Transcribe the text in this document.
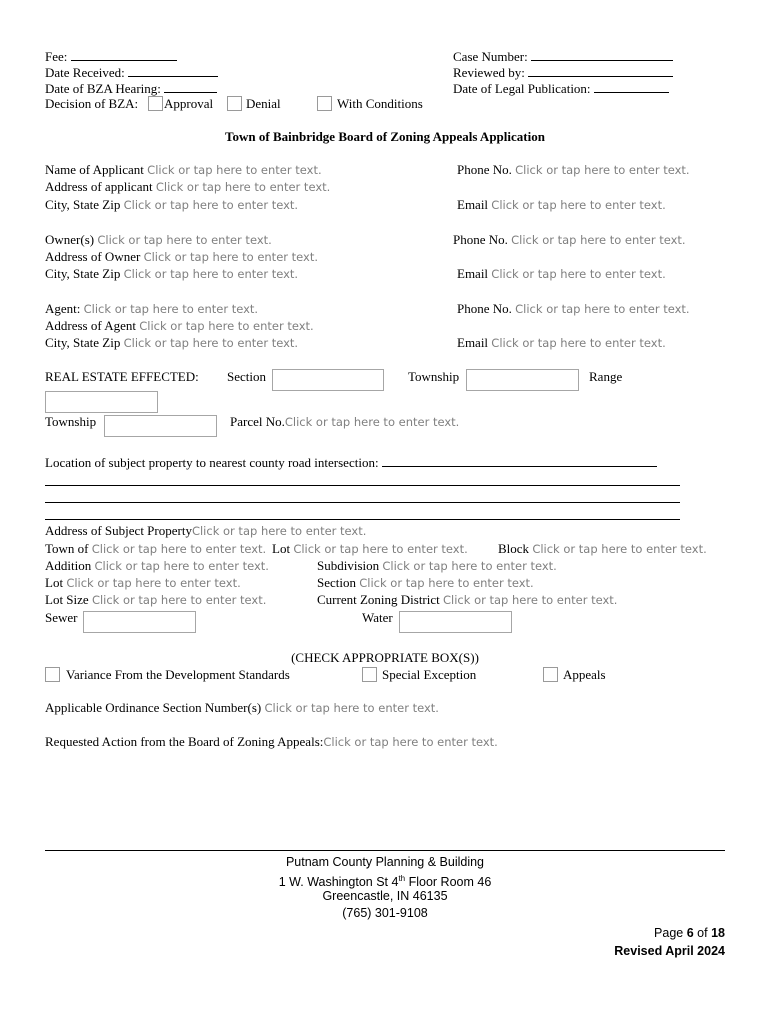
Fee:
Date Received:
Date of BZA Hearing:
Decision of BZA: Approval	Denial	With Conditions
Case Number:
Reviewed by:
Date of Legal Publication:
Town of Bainbridge Board of Zoning Appeals Application
Name of Applicant Click or tap here to enter text.
Address of applicant Click or tap here to enter text.
City, State Zip Click or tap here to enter text.
Phone No. Click or tap here to enter text.
Email Click or tap here to enter text.
Owner(s) Click or tap here to enter text.
Address of Owner Click or tap here to enter text.
City, State Zip Click or tap here to enter text.
Phone No. Click or tap here to enter text.
Email Click or tap here to enter text.
Agent: Click or tap here to enter text.
Address of Agent Click or tap here to enter text.
City, State Zip Click or tap here to enter text.
Phone No. Click or tap here to enter text.
Email Click or tap here to enter text.
REAL ESTATE EFFECTED: Section	Township	Range
Township	Parcel No.Click or tap here to enter text.
Location of subject property to nearest county road intersection:
Address of Subject PropertyClick or tap here to enter text.
Town of Click or tap here to enter text. Lot Click or tap here to enter text. Block Click or tap here to enter text.
Addition Click or tap here to enter text.	Subdivision Click or tap here to enter text.
Lot Click or tap here to enter text.	Section Click or tap here to enter text.
Lot Size Click or tap here to enter text.	Current Zoning District Click or tap here to enter text.
Sewer	Water
(CHECK APPROPRIATE BOX(S))
Variance From the Development Standards	Special Exception	Appeals
Applicable Ordinance Section Number(s) Click or tap here to enter text.
Requested Action from the Board of Zoning Appeals:Click or tap here to enter text.
Putnam County Planning & Building
1 W. Washington St 4th Floor Room 46
Greencastle, IN 46135
(765) 301-9108
Page 6 of 18
Revised April 2024
